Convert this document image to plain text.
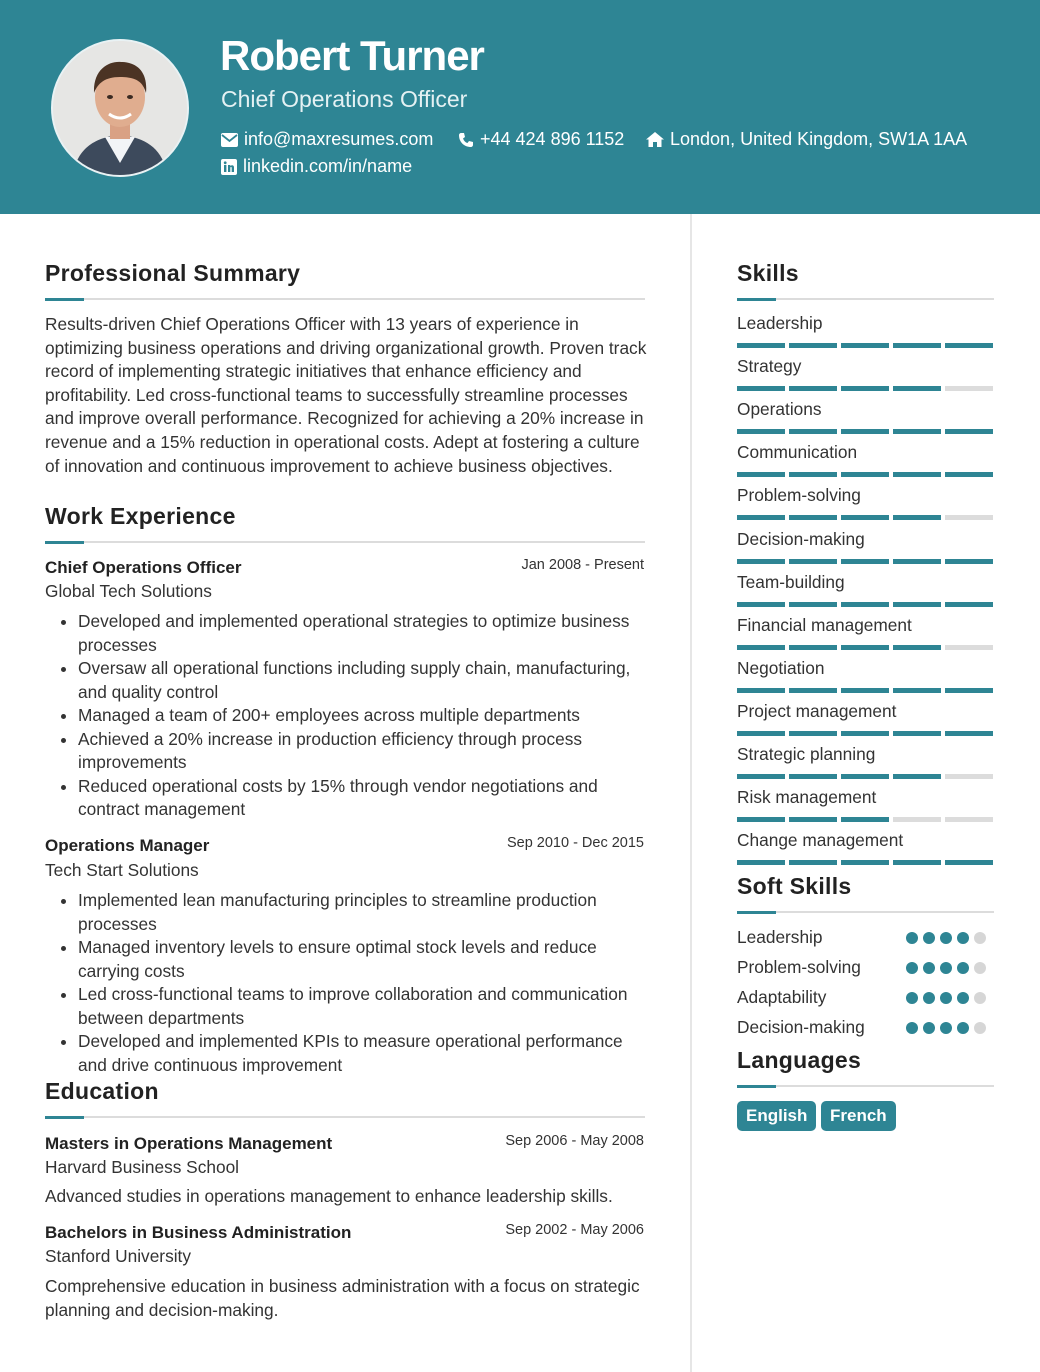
Robert Turner
Chief Operations Officer
info@maxresumes.com	+44 424 896 1152	London, United Kingdom, SW1A 1AA
linkedin.com/in/name
Professional Summary
Results-driven Chief Operations Officer with 13 years of experience in optimizing business operations and driving organizational growth. Proven track record of implementing strategic initiatives that enhance efficiency and profitability. Led cross-functional teams to successfully streamline processes and improve overall performance. Recognized for achieving a 20% increase in revenue and a 15% reduction in operational costs. Adept at fostering a culture of innovation and continuous improvement to achieve business objectives.
Work Experience
Chief Operations Officer	Jan 2008 - Present
Global Tech Solutions
• Developed and implemented operational strategies to optimize business processes
• Oversaw all operational functions including supply chain, manufacturing, and quality control
• Managed a team of 200+ employees across multiple departments
• Achieved a 20% increase in production efficiency through process improvements
• Reduced operational costs by 15% through vendor negotiations and contract management
Operations Manager	Sep 2010 - Dec 2015
Tech Start Solutions
• Implemented lean manufacturing principles to streamline production processes
• Managed inventory levels to ensure optimal stock levels and reduce carrying costs
• Led cross-functional teams to improve collaboration and communication between departments
• Developed and implemented KPIs to measure operational performance and drive continuous improvement
Education
Masters in Operations Management	Sep 2006 - May 2008
Harvard Business School
Advanced studies in operations management to enhance leadership skills.
Bachelors in Business Administration	Sep 2002 - May 2006
Stanford University
Comprehensive education in business administration with a focus on strategic planning and decision-making.
Skills
Leadership
Strategy
Operations
Communication
Problem-solving
Decision-making
Team-building
Financial management
Negotiation
Project management
Strategic planning
Risk management
Change management
Soft Skills
Leadership
Problem-solving
Adaptability
Decision-making
Languages
English	French
